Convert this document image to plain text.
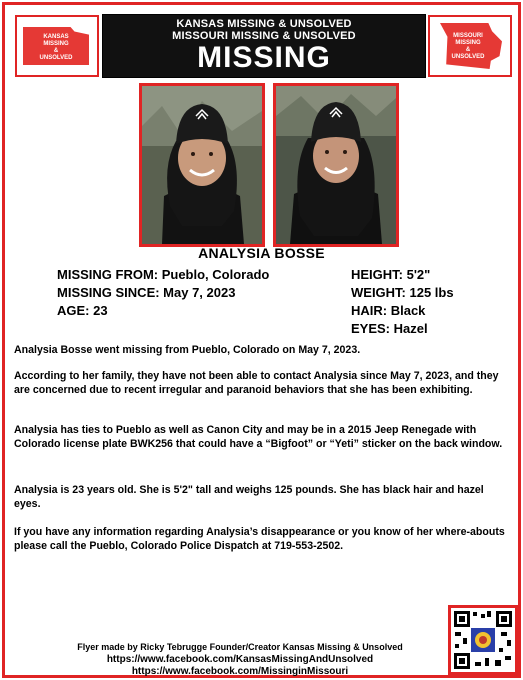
KANSAS
MISSING
&
UNSOLVED
KANSAS MISSING & UNSOLVED
MISSOURI MISSING & UNSOLVED
MISSING
MISSOURI
MISSING
&
UNSOLVED
ANALYSIA BOSSE
MISSING FROM: Pueblo, Colorado
MISSING SINCE: May 7, 2023
AGE: 23
HEIGHT: 5'2"
WEIGHT: 125 lbs
HAIR: Black
EYES: Hazel
Analysia Bosse went missing from Pueblo, Colorado on May 7, 2023.
According to her family, they have not been able to contact Analysia since May 7, 2023, and they are concerned due to recent irregular and paranoid behaviors that she has been exhibiting.
Analysia has ties to Pueblo as well as Canon City and may be in a 2015 Jeep Renegade with Colorado license plate BWK256 that could have a “Bigfoot” or “Yeti” sticker on the back window.
Analysia is 23 years old. She is 5'2" tall and weighs 125 pounds. She has black hair and hazel eyes.
If you have any information regarding Analysia’s disappearance or you know of her where-abouts please call the Pueblo, Colorado Police Dispatch at 719-553-2502.
Flyer made by Ricky Tebrugge Founder/Creator Kansas Missing & Unsolved
https://www.facebook.com/KansasMissingAndUnsolved
https://www.facebook.com/MissinginMissouri
